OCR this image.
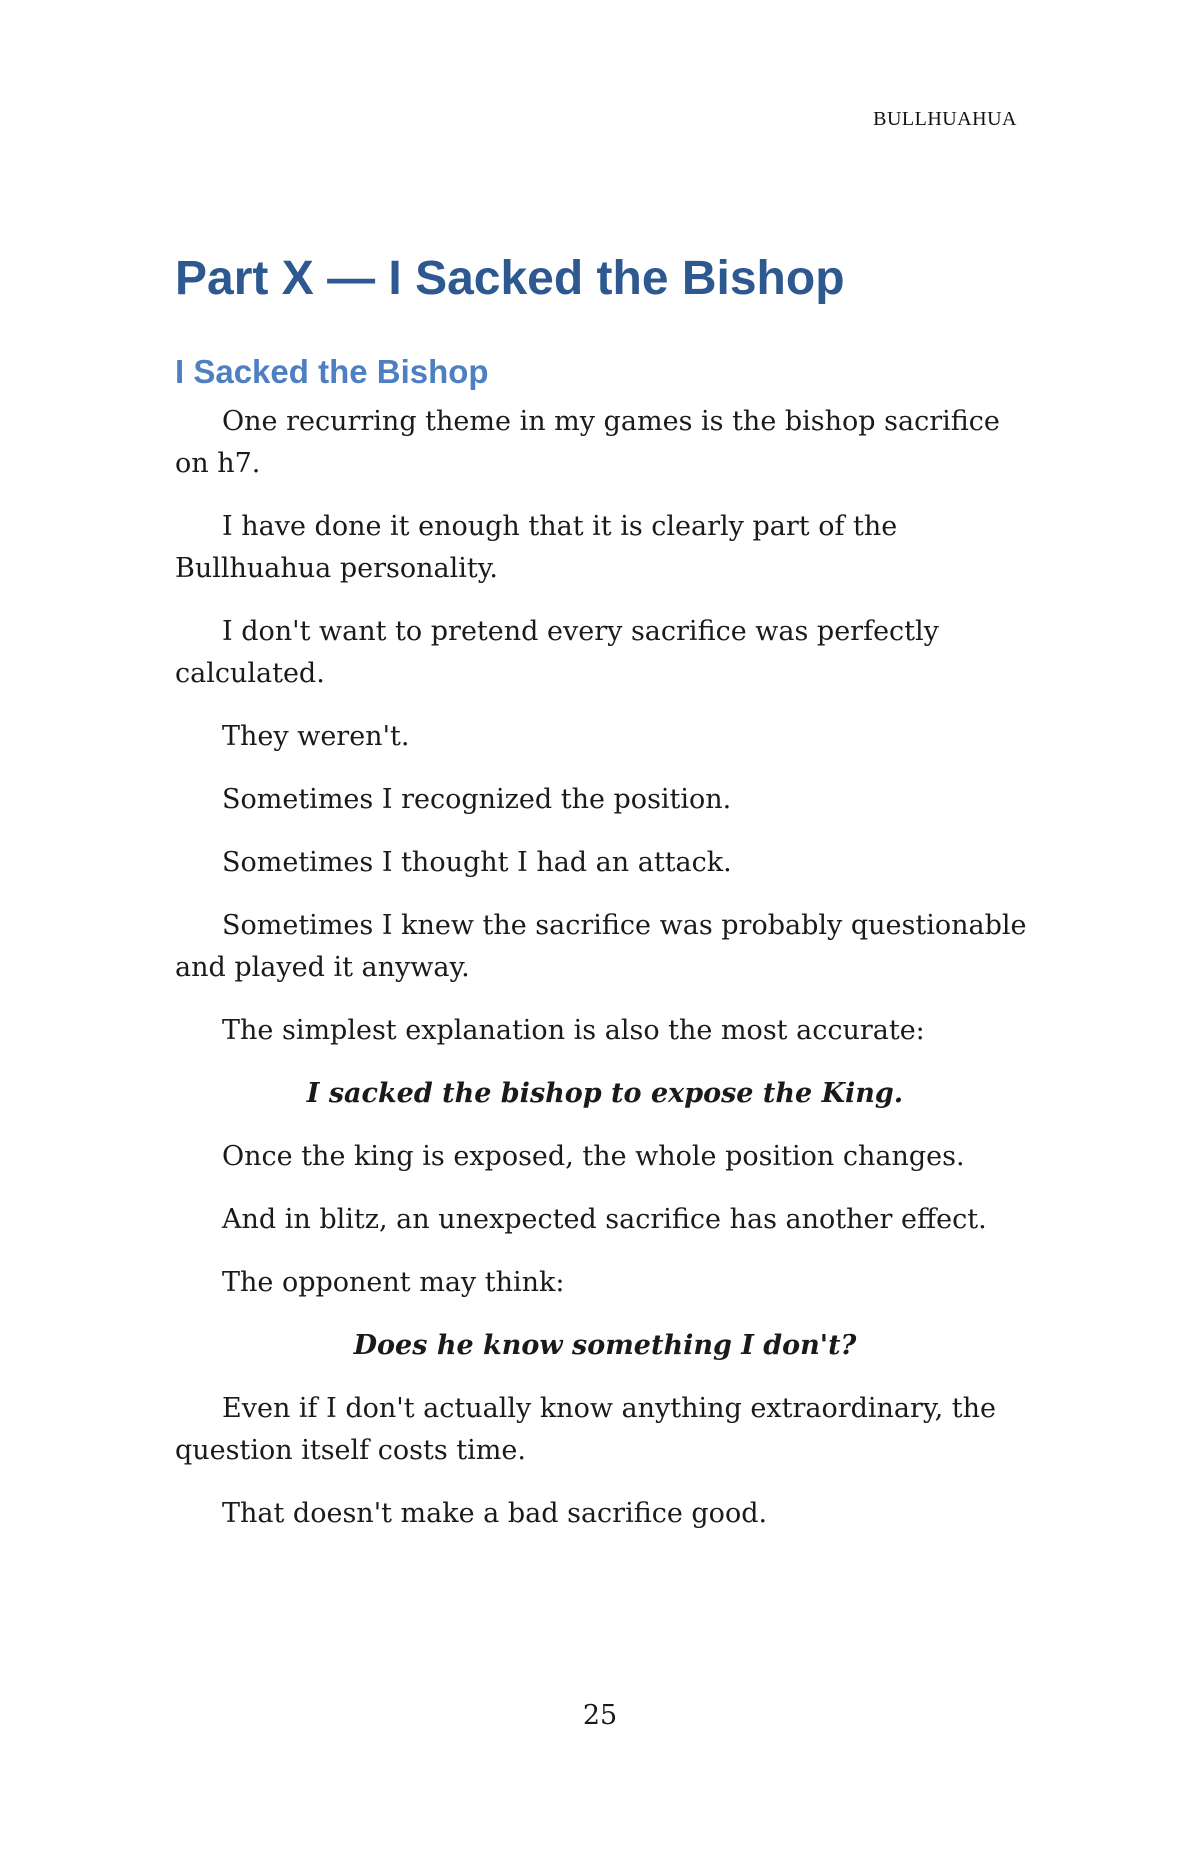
BULLHUAHUA
Part X — I Sacked the Bishop
I Sacked the Bishop

One recurring theme in my games is the bishop sacrifice on h7.

I have done it enough that it is clearly part of the Bullhuahua personality.

I don't want to pretend every sacrifice was perfectly calculated.

They weren't.

Sometimes I recognized the position.

Sometimes I thought I had an attack.

Sometimes I knew the sacrifice was probably questionable and played it anyway.

The simplest explanation is also the most accurate:

I sacked the bishop to expose the King.

Once the king is exposed, the whole position changes.

And in blitz, an unexpected sacrifice has another effect.

The opponent may think:

Does he know something I don't?

Even if I don't actually know anything extraordinary, the question itself costs time.

That doesn't make a bad sacrifice good.

25
